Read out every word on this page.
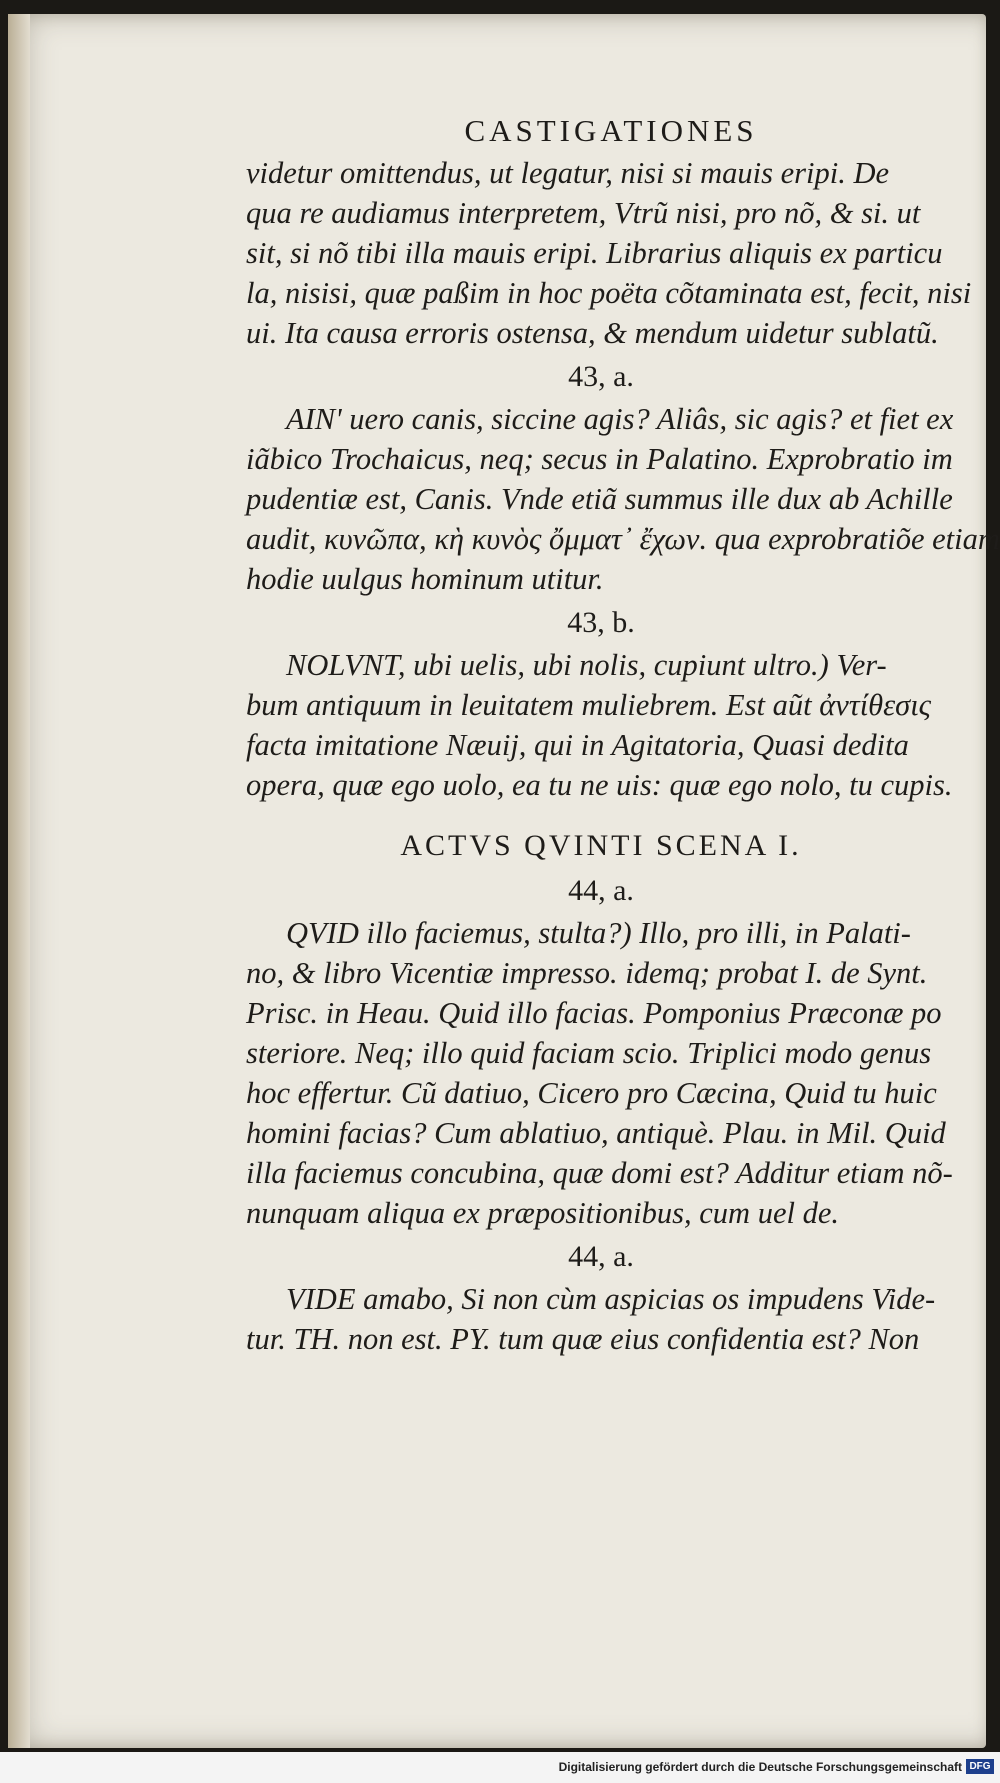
CASTIGATIONES
videtur omittendus, ut legatur, nisi si mauis eripi. De
qua re audiamus interpretem, Vtrũ nisi, pro nõ, & si. ut
sit, si nõ tibi illa mauis eripi. Librarius aliquis ex particu
la, nisisi, quæ paßim in hoc poëta cõtaminata est, fecit, nisi
ui. Ita causa erroris ostensa, & mendum uidetur sublatũ.
43, a.
AIN' uero canis, siccine agis? Aliâs, sic agis? et fiet ex
iãbico Trochaicus, neq; secus in Palatino. Exprobratio im
pudentiæ est, Canis. Vnde etiã summus ille dux ab Achille
audit, κυνῶπα, κὴ κυνὸς ὄμματ᾽ ἔχων. qua exprobratiõe etiam
hodie uulgus hominum utitur.
43, b.
NOLVNT, ubi uelis, ubi nolis, cupiunt ultro.) Ver-
bum antiquum in leuitatem muliebrem. Est aũt ἀντίθεσις
facta imitatione Næuij, qui in Agitatoria, Quasi dedita
opera, quæ ego uolo, ea tu ne uis: quæ ego nolo, tu cupis.
ACTVS QVINTI SCENA I.
44, a.
QVID illo faciemus, stulta?) Illo, pro illi, in Palati-
no, & libro Vicentiæ impresso. idemq; probat I. de Synt.
Prisc. in Heau. Quid illo facias. Pomponius Præconæ po
steriore. Neq; illo quid faciam scio. Triplici modo genus
hoc effertur. Cũ datiuo, Cicero pro Cæcina, Quid tu huic
homini facias? Cum ablatiuo, antiquè. Plau. in Mil. Quid
illa faciemus concubina, quæ domi est? Additur etiam nõ-
nunquam aliqua ex præpositionibus, cum uel de.
44, a.
VIDE amabo, Si non cùm aspicias os impudens Vide-
tur. TH. non est. PY. tum quæ eius confidentia est? Non
Digitalisierung gefördert durch die Deutsche Forschungsgemeinschaft DFG
